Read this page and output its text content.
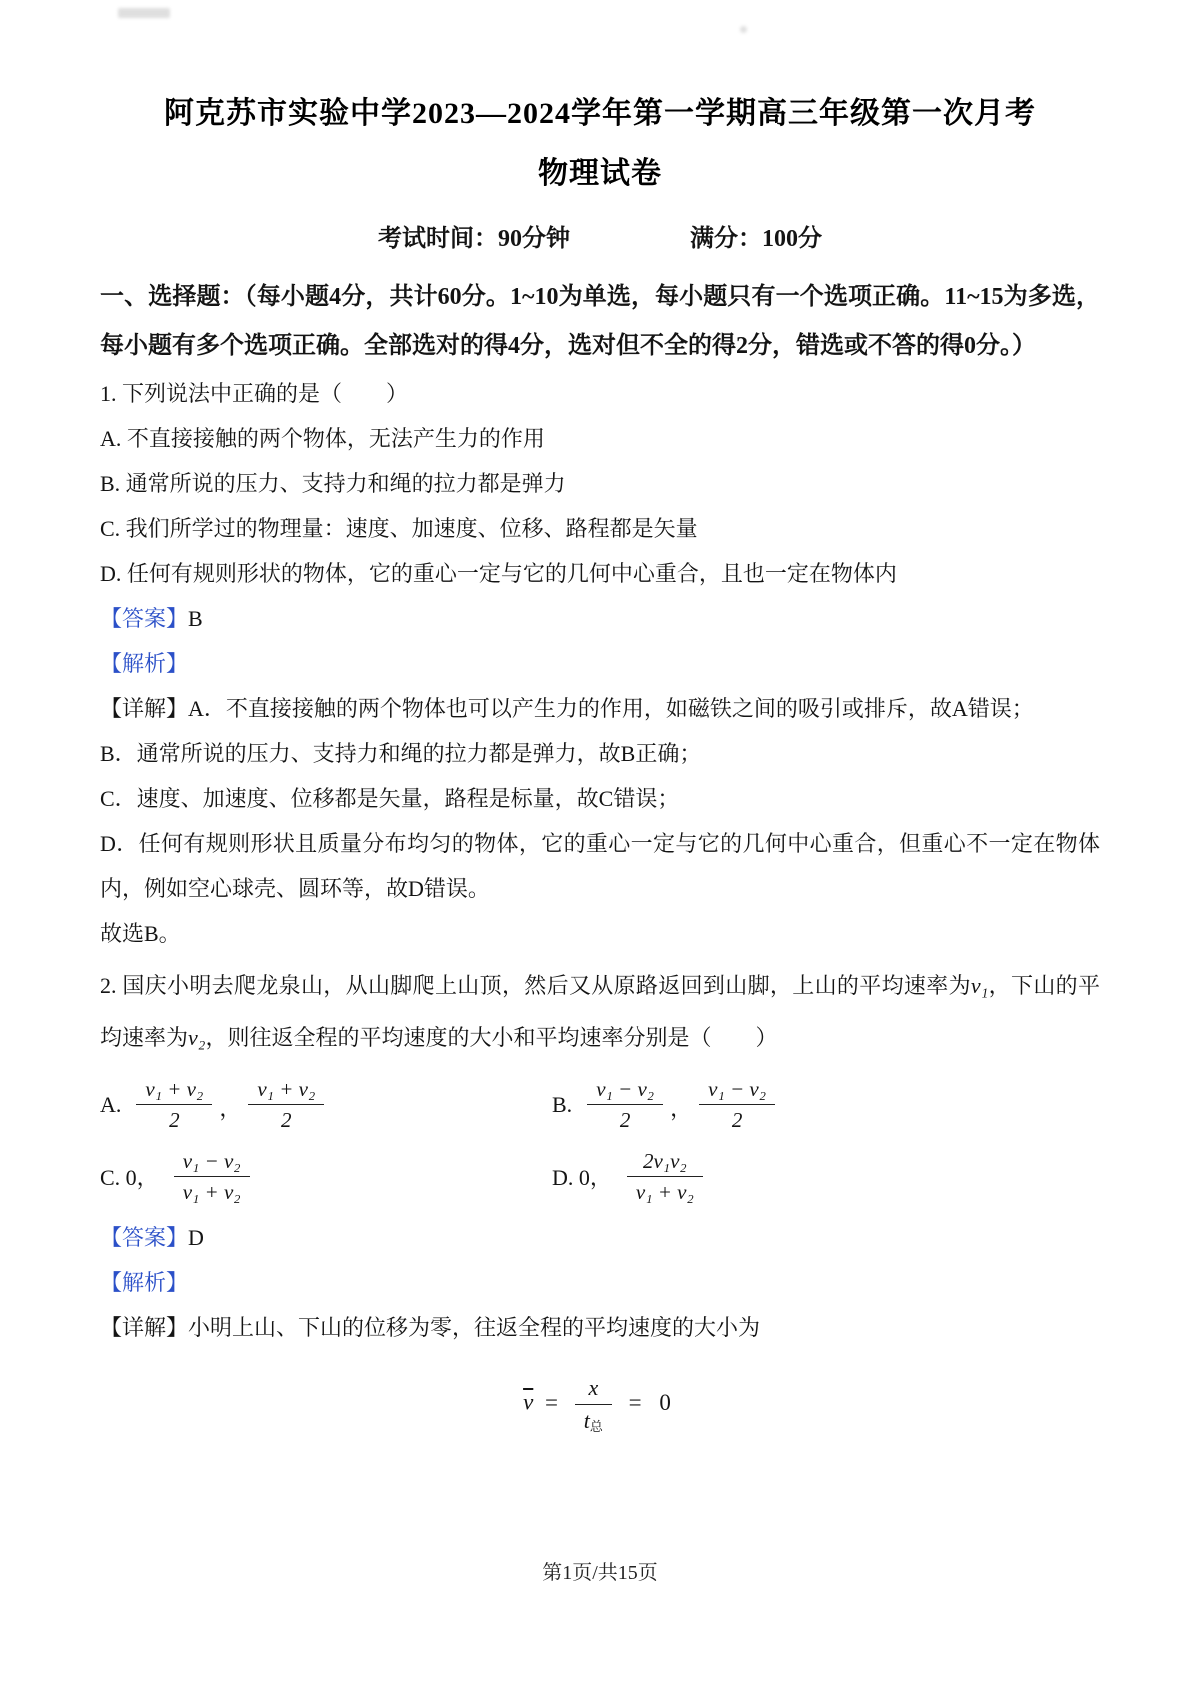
阿克苏市实验中学2023—2024学年第一学期高三年级第一次月考
物理试卷
考试时间：90分钟	满分：100分

一、选择题：（每小题4分，共计60分。1~10为单选，每小题只有一个选项正确。11~15为多选，每小题有多个选项正确。全部选对的得4分，选对但不全的得2分，错选或不答的得0分。）

1. 下列说法中正确的是（　　）

A. 不直接接触的两个物体，无法产生力的作用

B. 通常所说的压力、支持力和绳的拉力都是弹力

C. 我们所学过的物理量：速度、加速度、位移、路程都是矢量

D. 任何有规则形状的物体，它的重心一定与它的几何中心重合，且也一定在物体内

【答案】B

【解析】

【详解】A．不直接接触的两个物体也可以产生力的作用，如磁铁之间的吸引或排斥，故A错误；

B．通常所说的压力、支持力和绳的拉力都是弹力，故B正确；

C．速度、加速度、位移都是矢量，路程是标量，故C错误；

D．任何有规则形状且质量分布均匀的物体，它的重心一定与它的几何中心重合，但重心不一定在物体内，例如空心球壳、圆环等，故D错误。

故选B。

2. 国庆小明去爬龙泉山，从山脚爬上山顶，然后又从原路返回到山脚，上山的平均速率为v₁，下山的平均速率为v₂，则往返全程的平均速度的大小和平均速率分别是（　　）

A. $\frac{\text{v₁ + v₂}}{2}$ ， $\frac{\text{v₁ + v₂}}{2}$	B. $\frac{\text{v₁ − v₂}}{2}$ ， $\frac{\text{v₁ − v₂}}{2}$
C. 0， $\frac{\text{v₁ − v₂}}{\text{v₁ + v₂}}$	D. 0， $\frac{\text{2v₁v₂}}{\text{v₁ + v₂}}$

【答案】D

【解析】

【详解】小明上山、下山的位移为零，往返全程的平均速度的大小为

$\overline{v} = \frac{x}{\text{t总}} = 0$
第1页/共15页
